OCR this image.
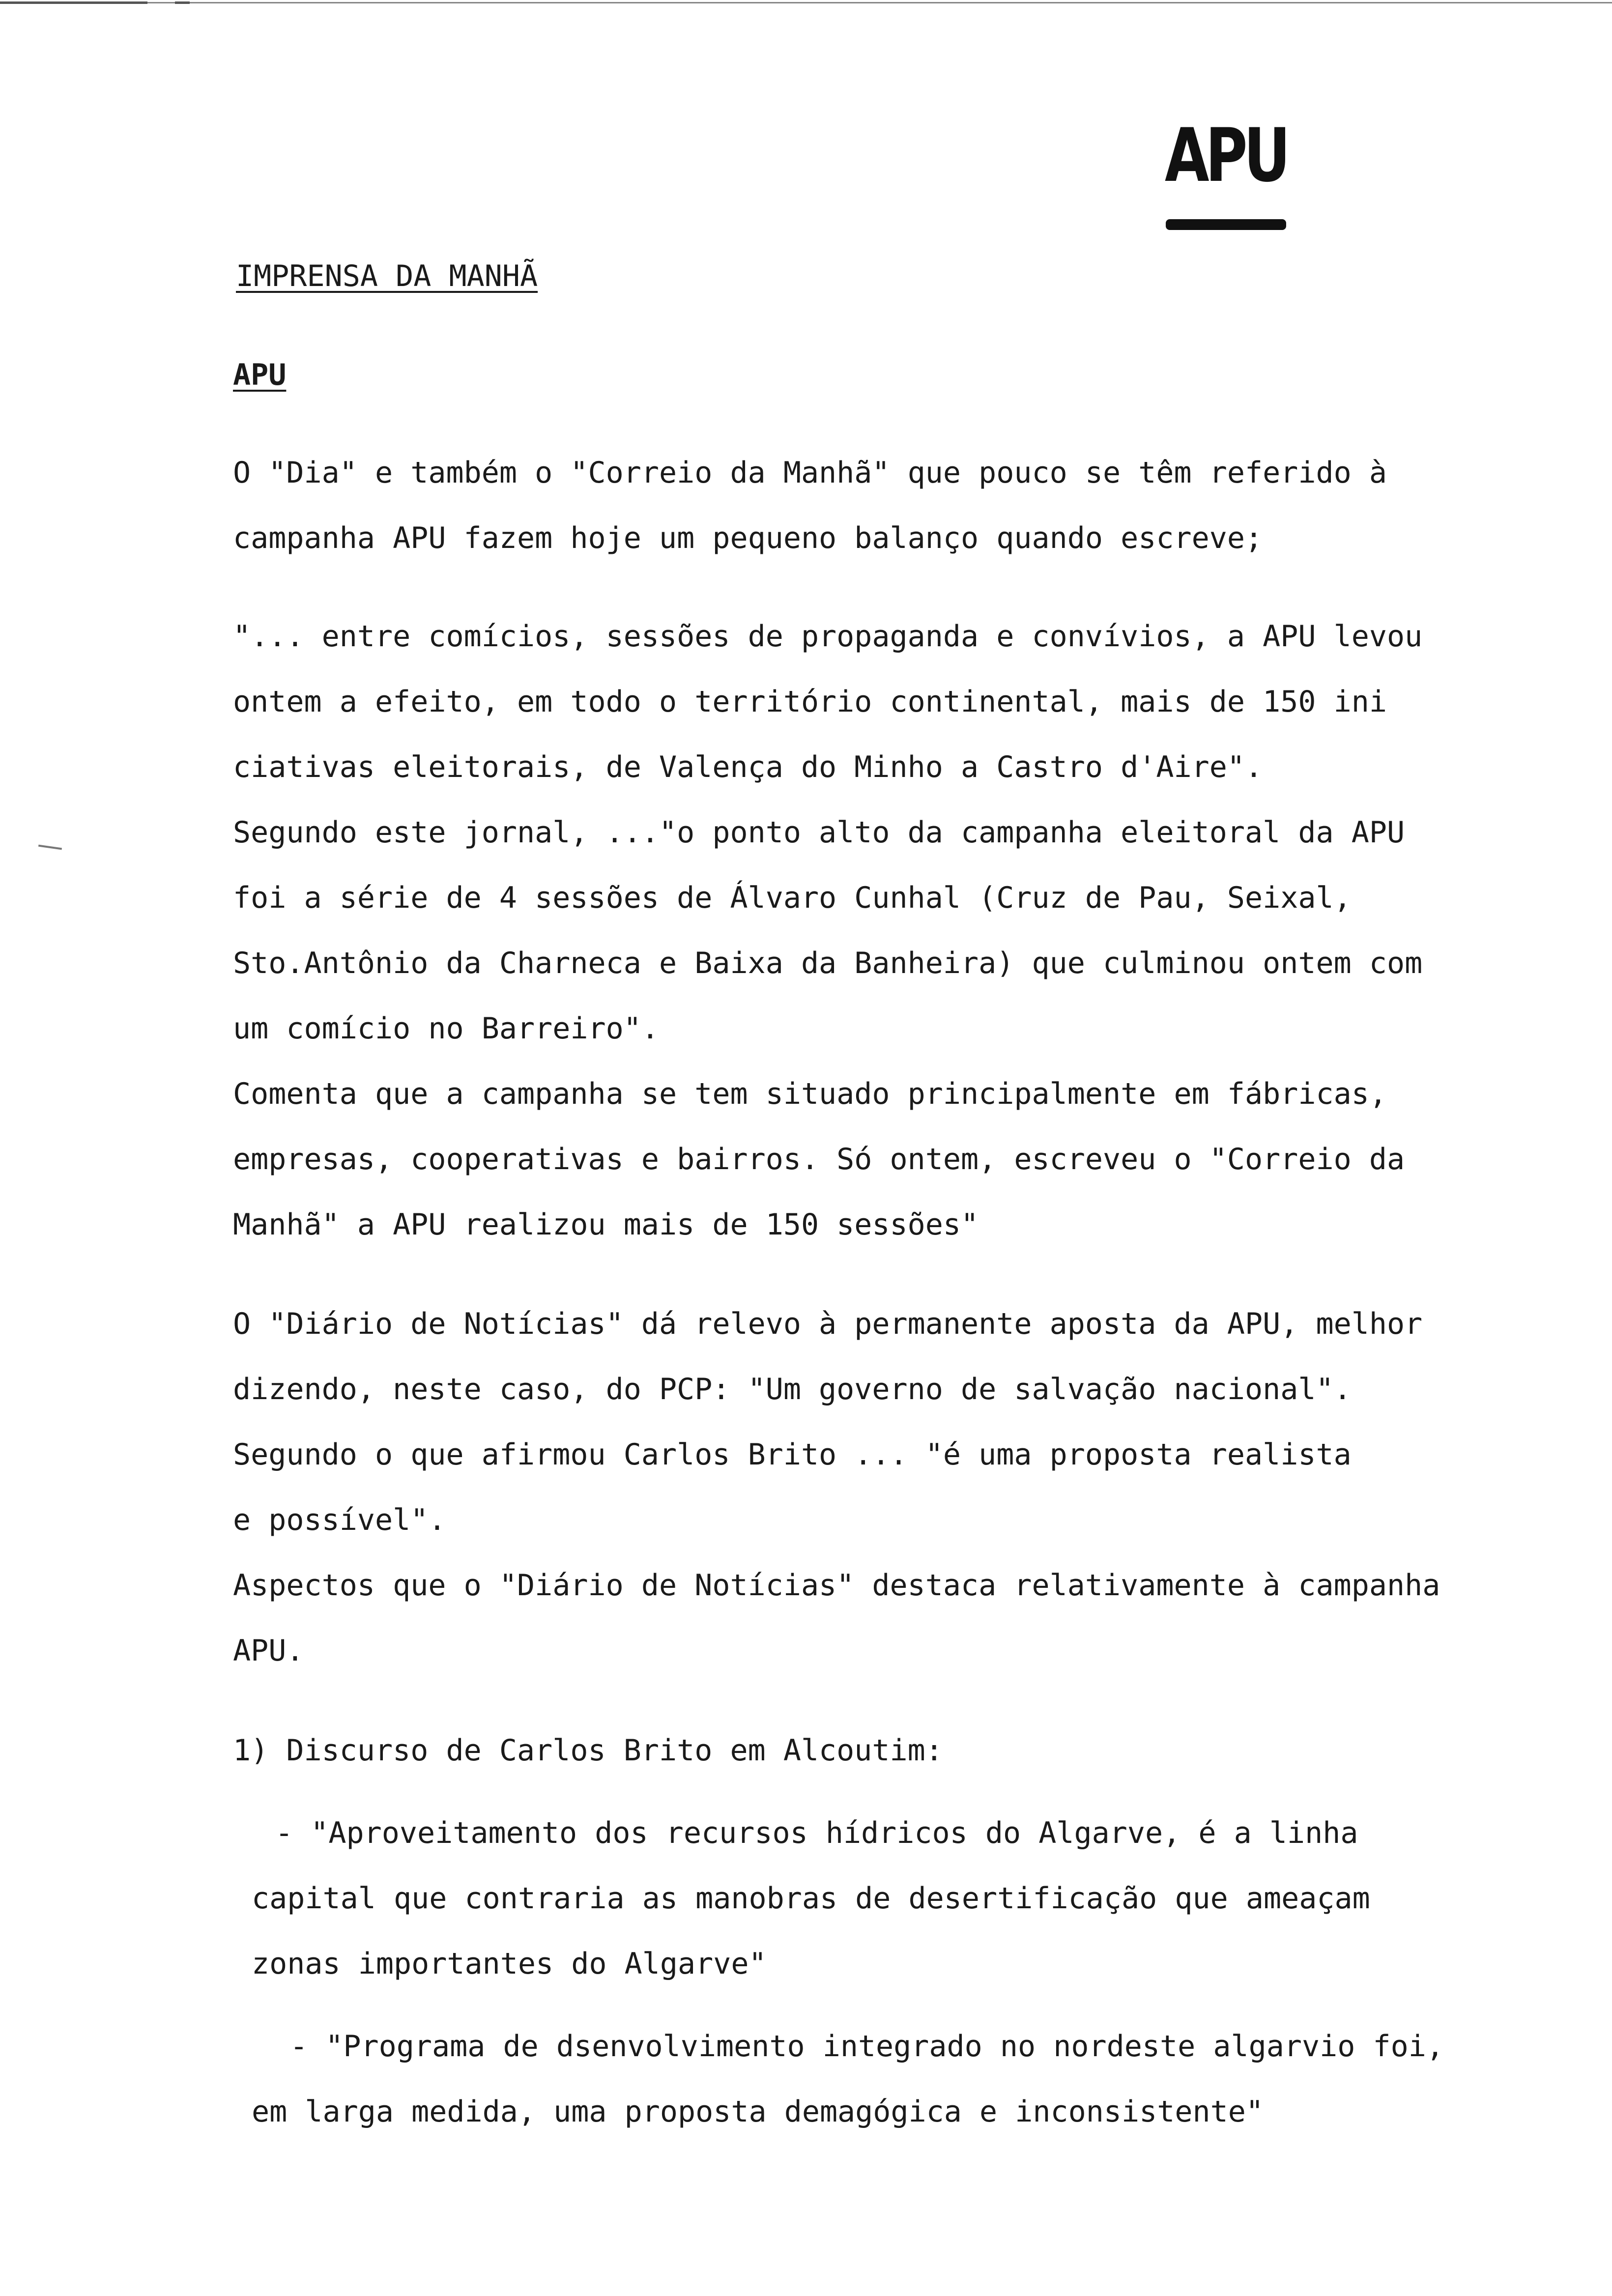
APU
IMPRENSA DA MANHÃ
APU
O "Dia" e também o "Correio da Manhã" que pouco se têm referido à
campanha APU fazem hoje um pequeno balanço quando escreve;
"... entre comícios, sessões de propaganda e convívios, a APU levou
ontem a efeito, em todo o território continental, mais de 150 ini
ciativas eleitorais, de Valença do Minho a Castro d'Aire".
Segundo este jornal, ..."o ponto alto da campanha eleitoral da APU
foi a série de 4 sessões de Álvaro Cunhal (Cruz de Pau, Seixal,
Sto.Antônio da Charneca e Baixa da Banheira) que culminou ontem com
um comício no Barreiro".
Comenta que a campanha se tem situado principalmente em fábricas,
empresas, cooperativas e bairros. Só ontem, escreveu o "Correio da
Manhã" a APU realizou mais de 150 sessões"
O "Diário de Notícias" dá relevo à permanente aposta da APU, melhor
dizendo, neste caso, do PCP: "Um governo de salvação nacional".
Segundo o que afirmou Carlos Brito ... "é uma proposta realista
e possível".
Aspectos que o "Diário de Notícias" destaca relativamente à campanha
APU.
1) Discurso de Carlos Brito em Alcoutim:
- "Aproveitamento dos recursos hídricos do Algarve, é a linha
capital que contraria as manobras de desertificação que ameaçam
zonas importantes do Algarve"
- "Programa de dsenvolvimento integrado no nordeste algarvio foi,
em larga medida, uma proposta demagógica e inconsistente"
